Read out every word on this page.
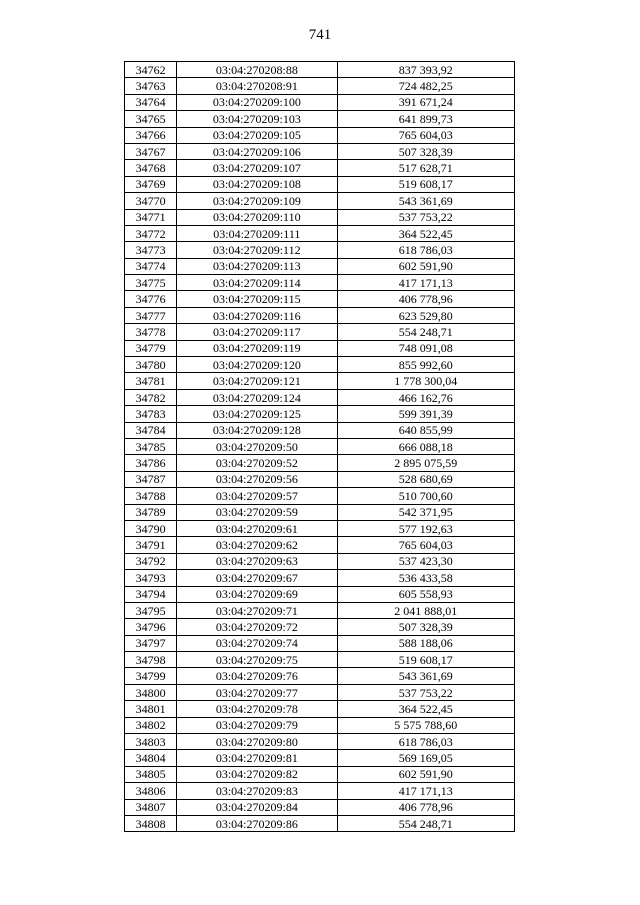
741
34762	03:04:270208:88	837 393,92
34763	03:04:270208:91	724 482,25
34764	03:04:270209:100	391 671,24
34765	03:04:270209:103	641 899,73
34766	03:04:270209:105	765 604,03
34767	03:04:270209:106	507 328,39
34768	03:04:270209:107	517 628,71
34769	03:04:270209:108	519 608,17
34770	03:04:270209:109	543 361,69
34771	03:04:270209:110	537 753,22
34772	03:04:270209:111	364 522,45
34773	03:04:270209:112	618 786,03
34774	03:04:270209:113	602 591,90
34775	03:04:270209:114	417 171,13
34776	03:04:270209:115	406 778,96
34777	03:04:270209:116	623 529,80
34778	03:04:270209:117	554 248,71
34779	03:04:270209:119	748 091,08
34780	03:04:270209:120	855 992,60
34781	03:04:270209:121	1 778 300,04
34782	03:04:270209:124	466 162,76
34783	03:04:270209:125	599 391,39
34784	03:04:270209:128	640 855,99
34785	03:04:270209:50	666 088,18
34786	03:04:270209:52	2 895 075,59
34787	03:04:270209:56	528 680,69
34788	03:04:270209:57	510 700,60
34789	03:04:270209:59	542 371,95
34790	03:04:270209:61	577 192,63
34791	03:04:270209:62	765 604,03
34792	03:04:270209:63	537 423,30
34793	03:04:270209:67	536 433,58
34794	03:04:270209:69	605 558,93
34795	03:04:270209:71	2 041 888,01
34796	03:04:270209:72	507 328,39
34797	03:04:270209:74	588 188,06
34798	03:04:270209:75	519 608,17
34799	03:04:270209:76	543 361,69
34800	03:04:270209:77	537 753,22
34801	03:04:270209:78	364 522,45
34802	03:04:270209:79	5 575 788,60
34803	03:04:270209:80	618 786,03
34804	03:04:270209:81	569 169,05
34805	03:04:270209:82	602 591,90
34806	03:04:270209:83	417 171,13
34807	03:04:270209:84	406 778,96
34808	03:04:270209:86	554 248,71
